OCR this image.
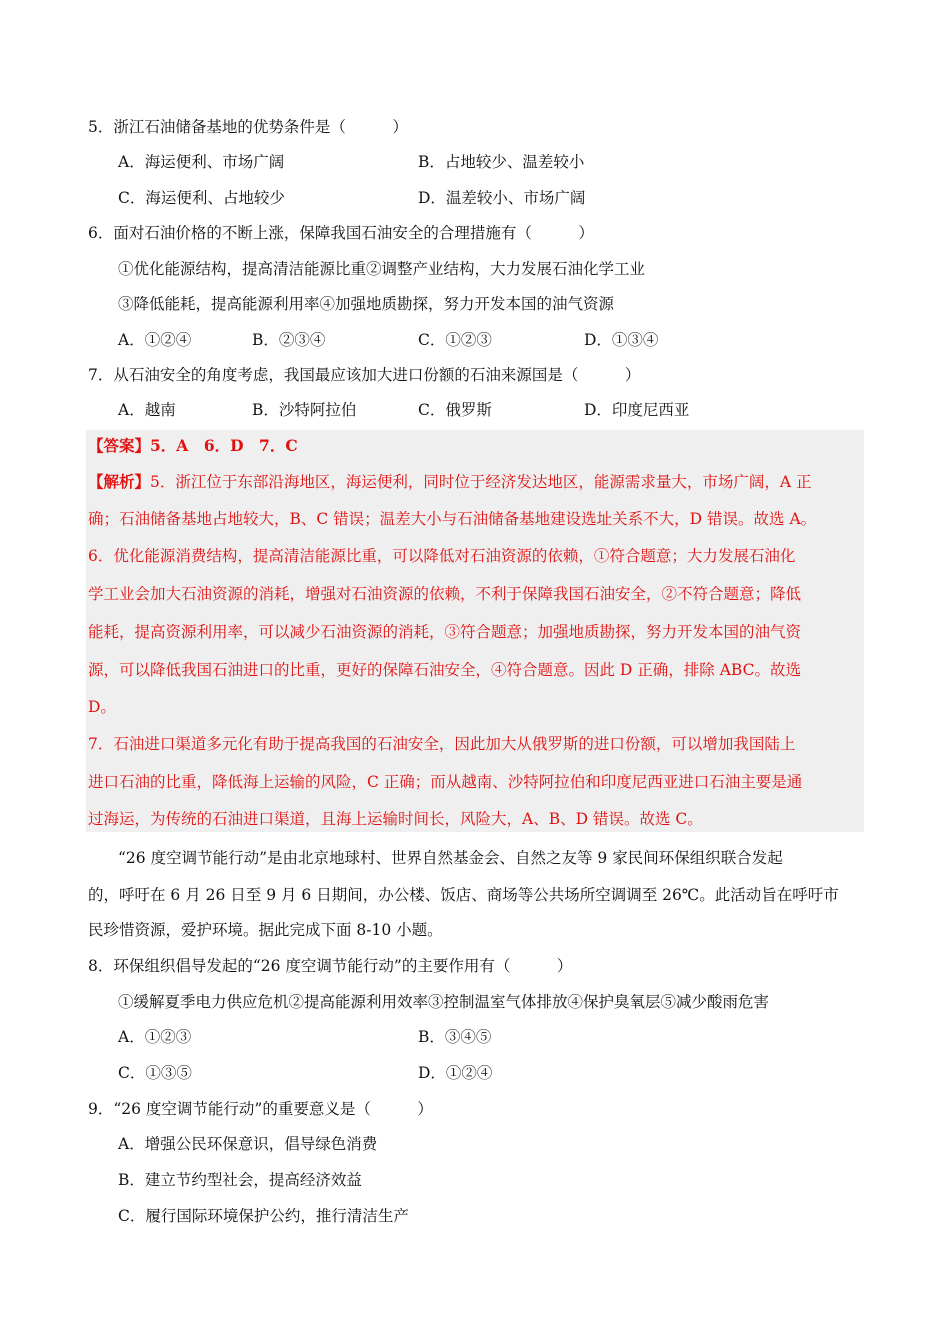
5．浙江石油储备基地的优势条件是（　　　）
A．海运便利、市场广阔	B．占地较少、温差较小
C．海运便利、占地较少	D．温差较小、市场广阔
6．面对石油价格的不断上涨，保障我国石油安全的合理措施有（　　　）
①优化能源结构，提高清洁能源比重②调整产业结构，大力发展石油化学工业
③降低能耗，提高能源利用率④加强地质勘探，努力开发本国的油气资源
A．①②④	B．②③④	C．①②③	D．①③④
7．从石油安全的角度考虑，我国最应该加大进口份额的石油来源国是（　　　）
A．越南	B．沙特阿拉伯	C．俄罗斯	D．印度尼西亚
【答案】5．A　6．D　7．C
【解析】5．浙江位于东部沿海地区，海运便利，同时位于经济发达地区，能源需求量大，市场广阔，A 正
确；石油储备基地占地较大，B、C 错误；温差大小与石油储备基地建设选址关系不大，D 错误。故选 A。
6．优化能源消费结构，提高清洁能源比重，可以降低对石油资源的依赖，①符合题意；大力发展石油化
学工业会加大石油资源的消耗，增强对石油资源的依赖，不利于保障我国石油安全，②不符合题意；降低
能耗，提高资源利用率，可以减少石油资源的消耗，③符合题意；加强地质勘探，努力开发本国的油气资
源，可以降低我国石油进口的比重，更好的保障石油安全，④符合题意。因此 D 正确，排除 ABC。故选
D。
7．石油进口渠道多元化有助于提高我国的石油安全，因此加大从俄罗斯的进口份额，可以增加我国陆上
进口石油的比重，降低海上运输的风险，C 正确；而从越南、沙特阿拉伯和印度尼西亚进口石油主要是通
过海运，为传统的石油进口渠道，且海上运输时间长，风险大，A、B、D 错误。故选 C。
“26 度空调节能行动”是由北京地球村、世界自然基金会、自然之友等 9 家民间环保组织联合发起
的，呼吁在 6 月 26 日至 9 月 6 日期间，办公楼、饭店、商场等公共场所空调调至 26℃。此活动旨在呼吁市
民珍惜资源，爱护环境。据此完成下面 8-10 小题。
8．环保组织倡导发起的“26 度空调节能行动”的主要作用有（　　　）
①缓解夏季电力供应危机②提高能源利用效率③控制温室气体排放④保护臭氧层⑤减少酸雨危害
A．①②③	B．③④⑤
C．①③⑤	D．①②④
9．“26 度空调节能行动”的重要意义是（　　　）
A．增强公民环保意识，倡导绿色消费
B．建立节约型社会，提高经济效益
C．履行国际环境保护公约，推行清洁生产
